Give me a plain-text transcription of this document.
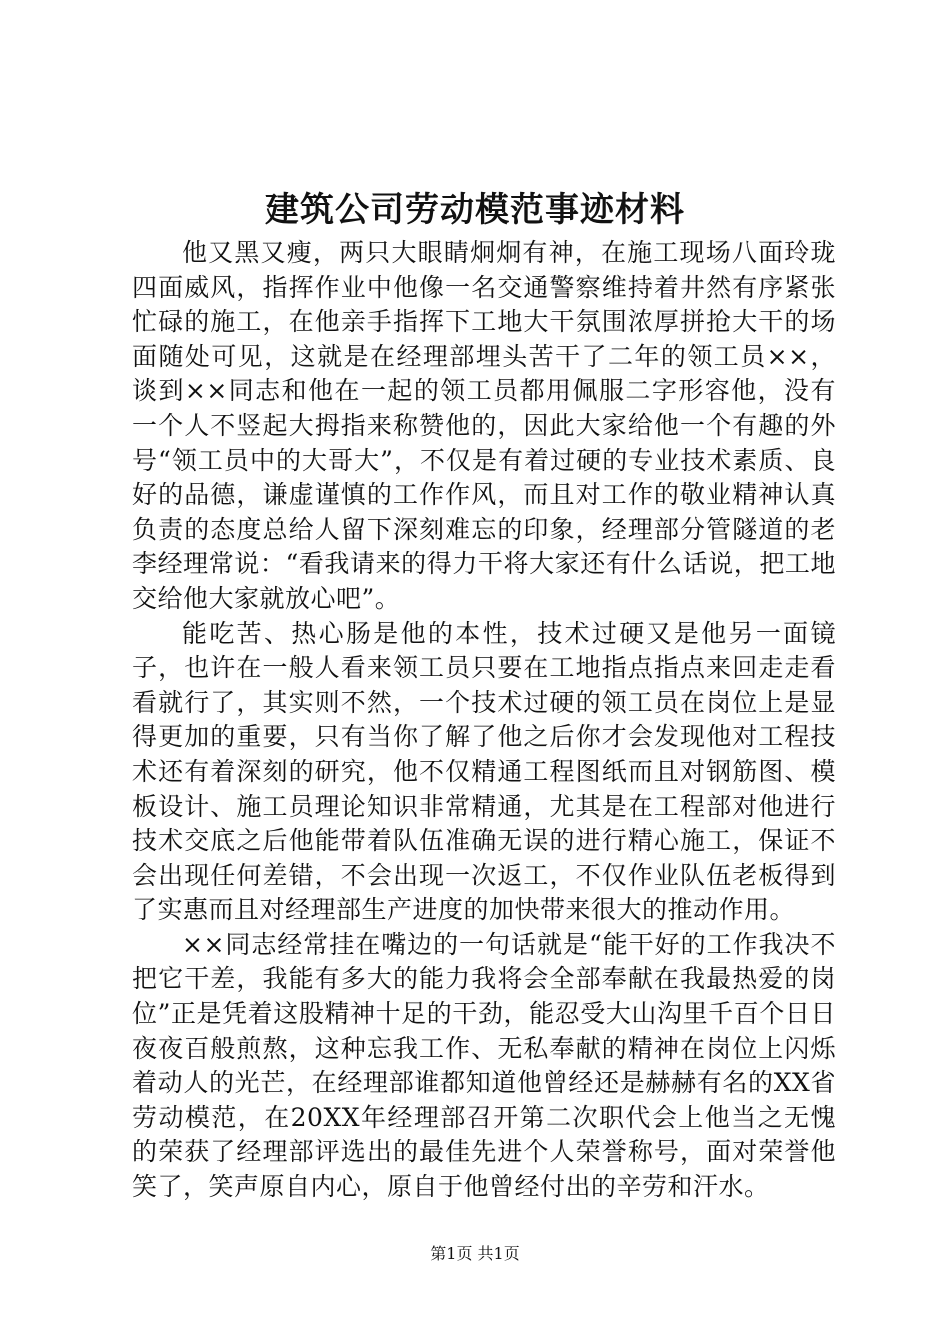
建筑公司劳动模范事迹材料

他又黑又瘦，两只大眼睛炯炯有神，在施工现场八面玲珑四面威风，指挥作业中他像一名交通警察维持着井然有序紧张忙碌的施工，在他亲手指挥下工地大干氛围浓厚拼抢大干的场面随处可见，这就是在经理部埋头苦干了二年的领工员××，谈到××同志和他在一起的领工员都用佩服二字形容他，没有一个人不竖起大拇指来称赞他的，因此大家给他一个有趣的外号“领工员中的大哥大”，不仅是有着过硬的专业技术素质、良好的品德，谦虚谨慎的工作作风，而且对工作的敬业精神认真负责的态度总给人留下深刻难忘的印象，经理部分管隧道的老李经理常说：“看我请来的得力干将大家还有什么话说，把工地交给他大家就放心吧”。

能吃苦、热心肠是他的本性，技术过硬又是他另一面镜子，也许在一般人看来领工员只要在工地指点指点来回走走看看就行了，其实则不然，一个技术过硬的领工员在岗位上是显得更加的重要，只有当你了解了他之后你才会发现他对工程技术还有着深刻的研究，他不仅精通工程图纸而且对钢筋图、模板设计、施工员理论知识非常精通，尤其是在工程部对他进行技术交底之后他能带着队伍准确无误的进行精心施工，保证不会出现任何差错，不会出现一次返工，不仅作业队伍老板得到了实惠而且对经理部生产进度的加快带来很大的推动作用。

××同志经常挂在嘴边的一句话就是“能干好的工作我决不把它干差，我能有多大的能力我将会全部奉献在我最热爱的岗位”正是凭着这股精神十足的干劲，能忍受大山沟里千百个日日夜夜百般煎熬，这种忘我工作、无私奉献的精神在岗位上闪烁着动人的光芒，在经理部谁都知道他曾经还是赫赫有名的XX省劳动模范，在20XX年经理部召开第二次职代会上他当之无愧的荣获了经理部评选出的最佳先进个人荣誉称号，面对荣誉他笑了，笑声原自内心，原自于他曾经付出的辛劳和汗水。

第1页 共1页
